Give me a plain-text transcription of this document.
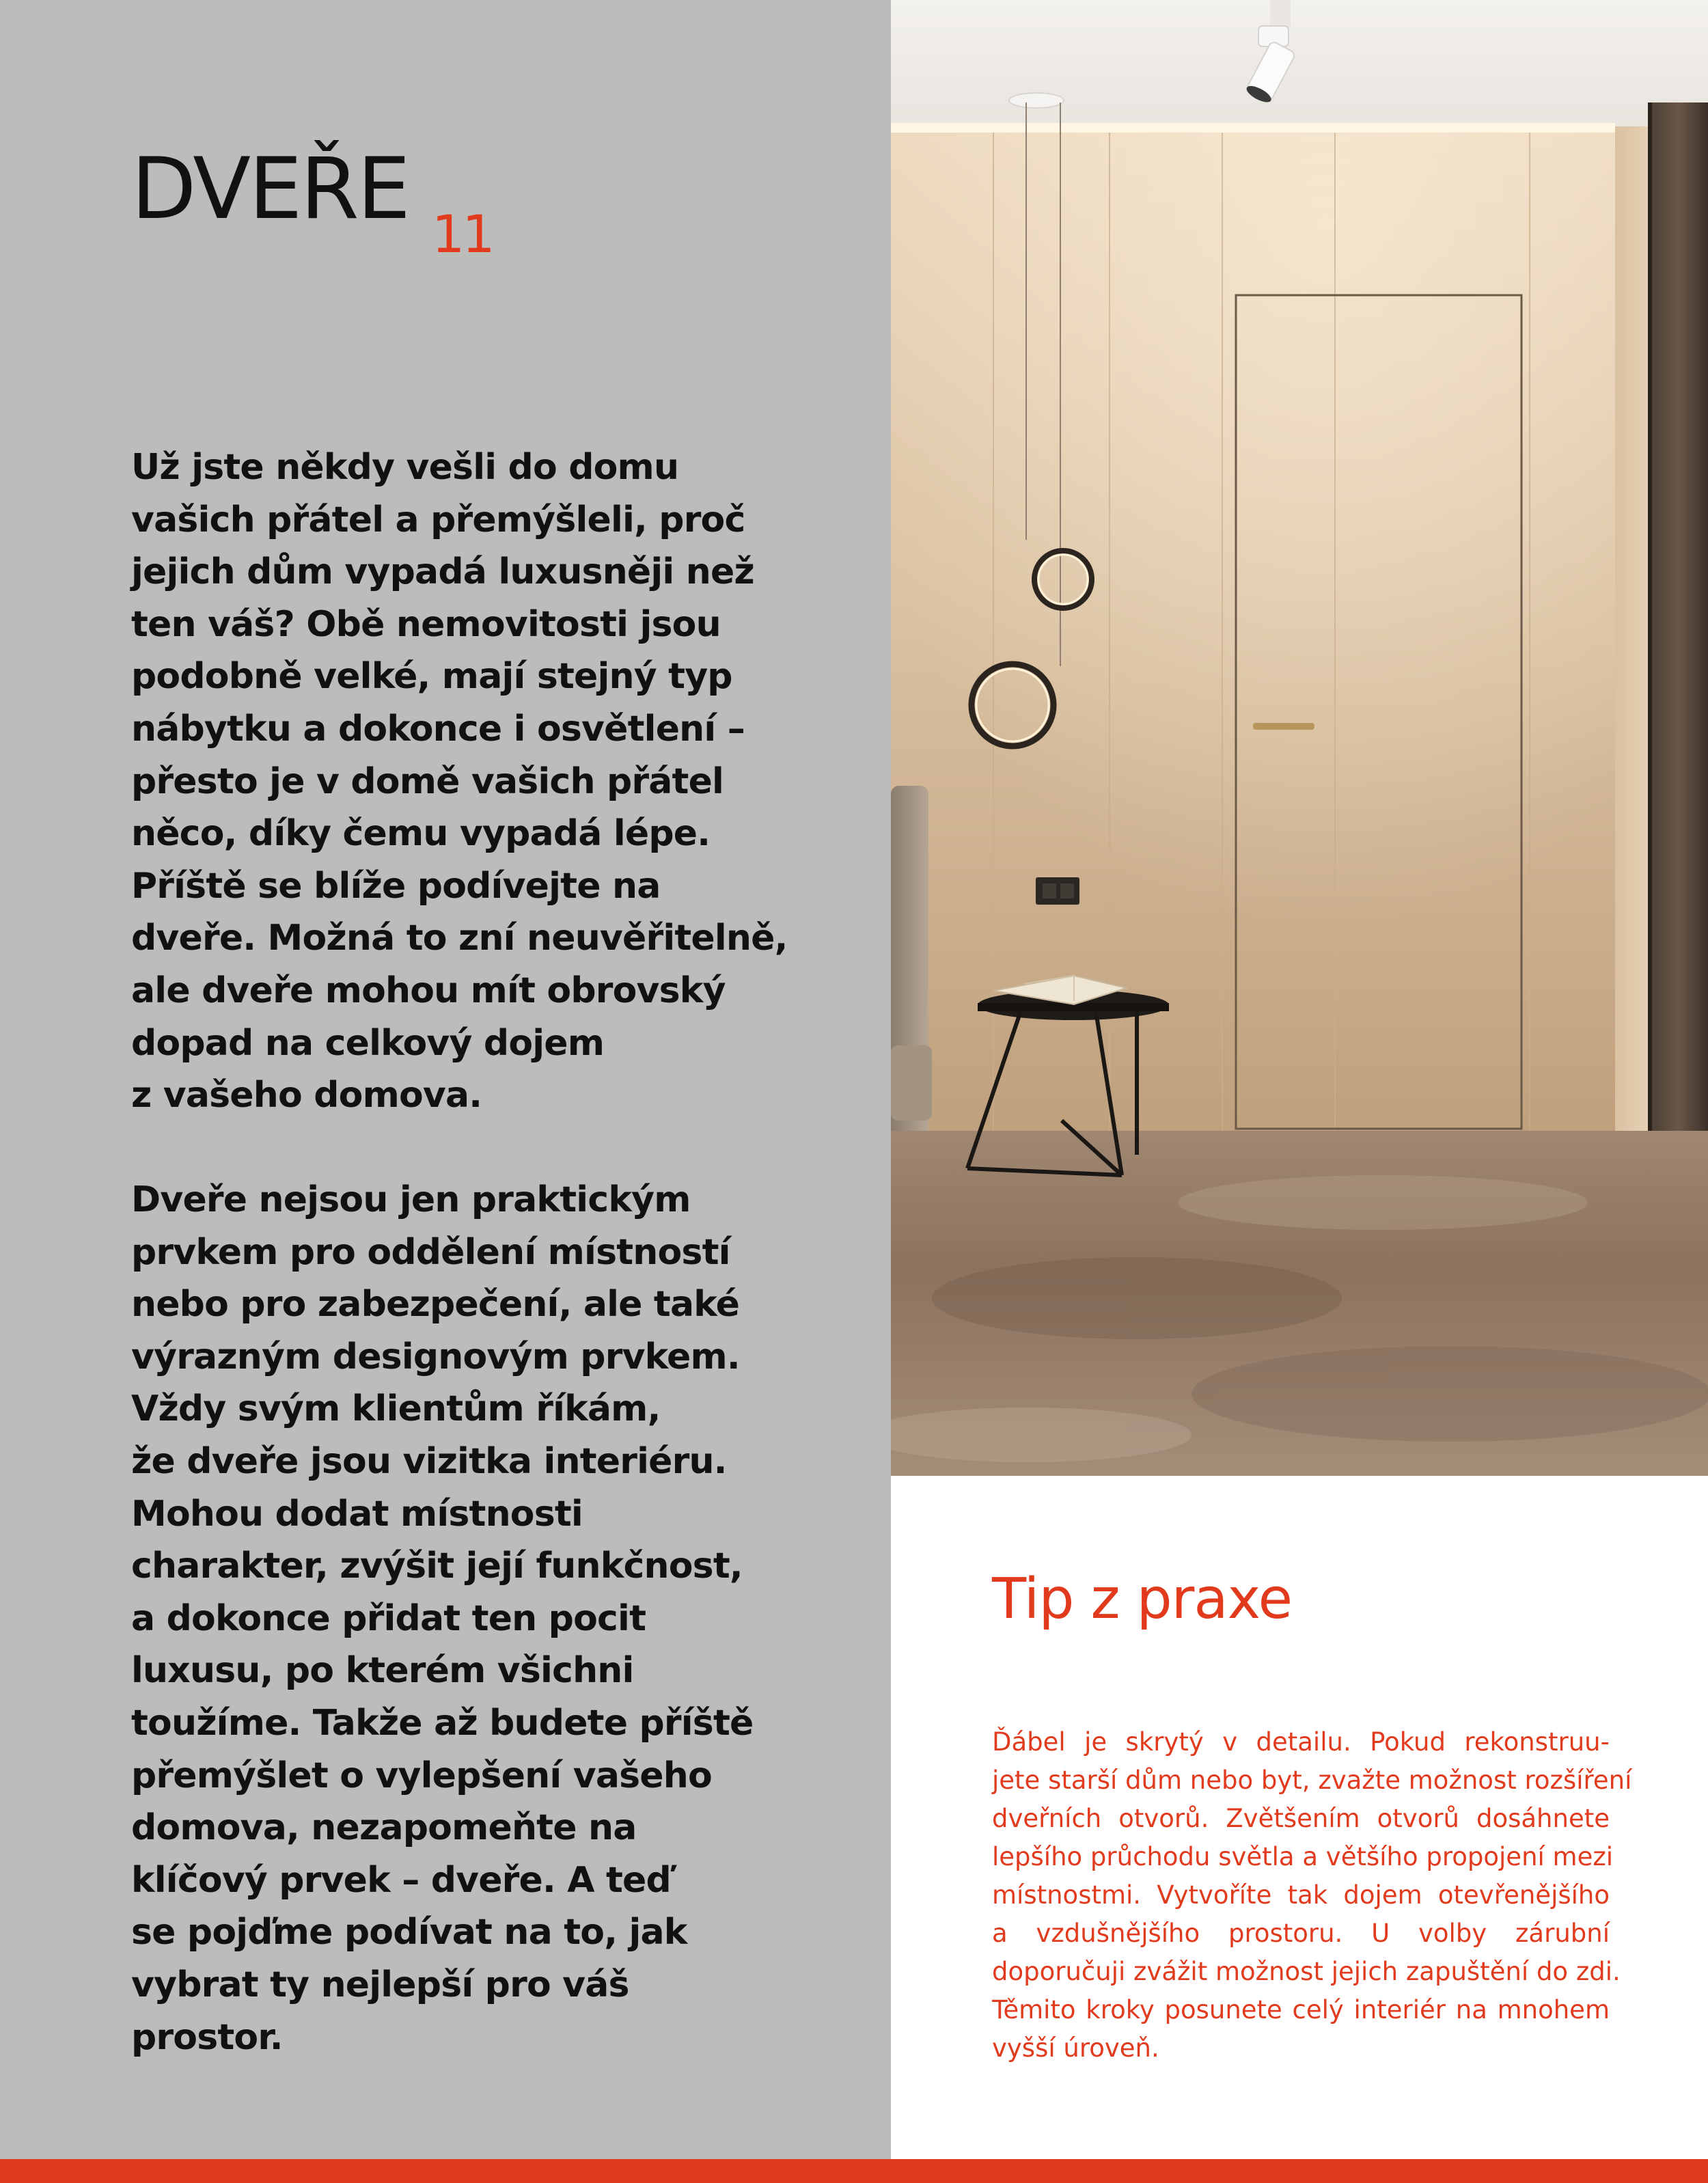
DVEŘE 11

Už jste někdy vešli do domu
vašich přátel a přemýšleli, proč
jejich dům vypadá luxusněji než
ten váš? Obě nemovitosti jsou
podobně velké, mají stejný typ
nábytku a dokonce i osvětlení –
přesto je v domě vašich přátel
něco, díky čemu vypadá lépe.
Příště se blíže podívejte na
dveře. Možná to zní neuvěřitelně,
ale dveře mohou mít obrovský
dopad na celkový dojem
z vašeho domova.

Dveře nejsou jen praktickým
prvkem pro oddělení místností
nebo pro zabezpečení, ale také
výrazným designovým prvkem.
Vždy svým klientům říkám,
že dveře jsou vizitka interiéru.
Mohou dodat místnosti
charakter, zvýšit její funkčnost,
a dokonce přidat ten pocit
luxusu, po kterém všichni
toužíme. Takže až budete příště
přemýšlet o vylepšení vašeho
domova, nezapomeňte na
klíčový prvek – dveře. A teď
se pojďme podívat na to, jak
vybrat ty nejlepší pro váš
prostor.

Tip z praxe

Ďábel je skrytý v detailu. Pokud rekonstruu-
jete starší dům nebo byt, zvažte možnost rozšíření
dveřních otvorů. Zvětšením otvorů dosáhnete
lepšího průchodu světla a většího propojení mezi
místnostmi. Vytvoříte tak dojem otevřenějšího
a vzdušnějšího prostoru. U volby zárubní
doporučuji zvážit možnost jejich zapuštění do zdi.
Těmito kroky posunete celý interiér na mnohem
vyšší úroveň.
